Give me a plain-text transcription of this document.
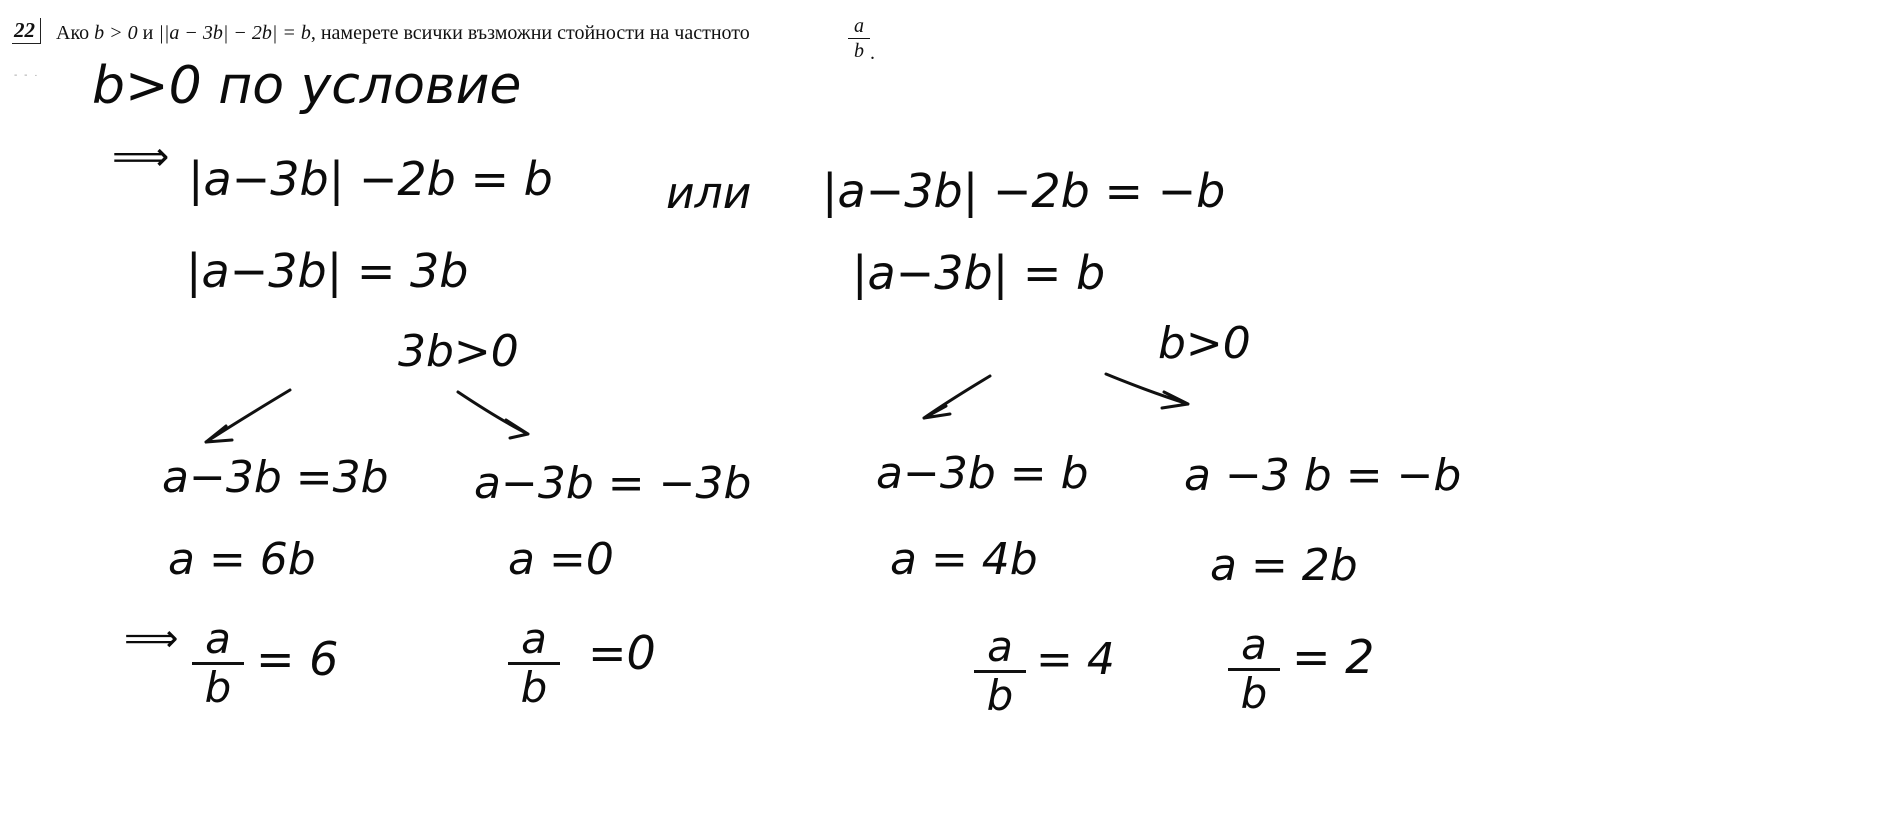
22	Ако b > 0 и ||a − 3b| − 2b| = b, намерете всички възможни стойности на частното	$\frac{a}{b}$ .
- - · b>0 по условие
⟹ |a−3b| −2b = b	или |a−3b| −2b = −b
|a−3b| = 3b
3b>0
|a−3b| = b
b>0
a−3b =3b
a = 6b
⟹ $\frac{a}{b} = 6$
a−3b = −3b
a =0
$\frac{a}{b} =0$
a−3b = b
a = 4b
$\frac{a}{b} = 4$
a −3 b = −b
a = 2b
$\frac{a}{b} = 2$
